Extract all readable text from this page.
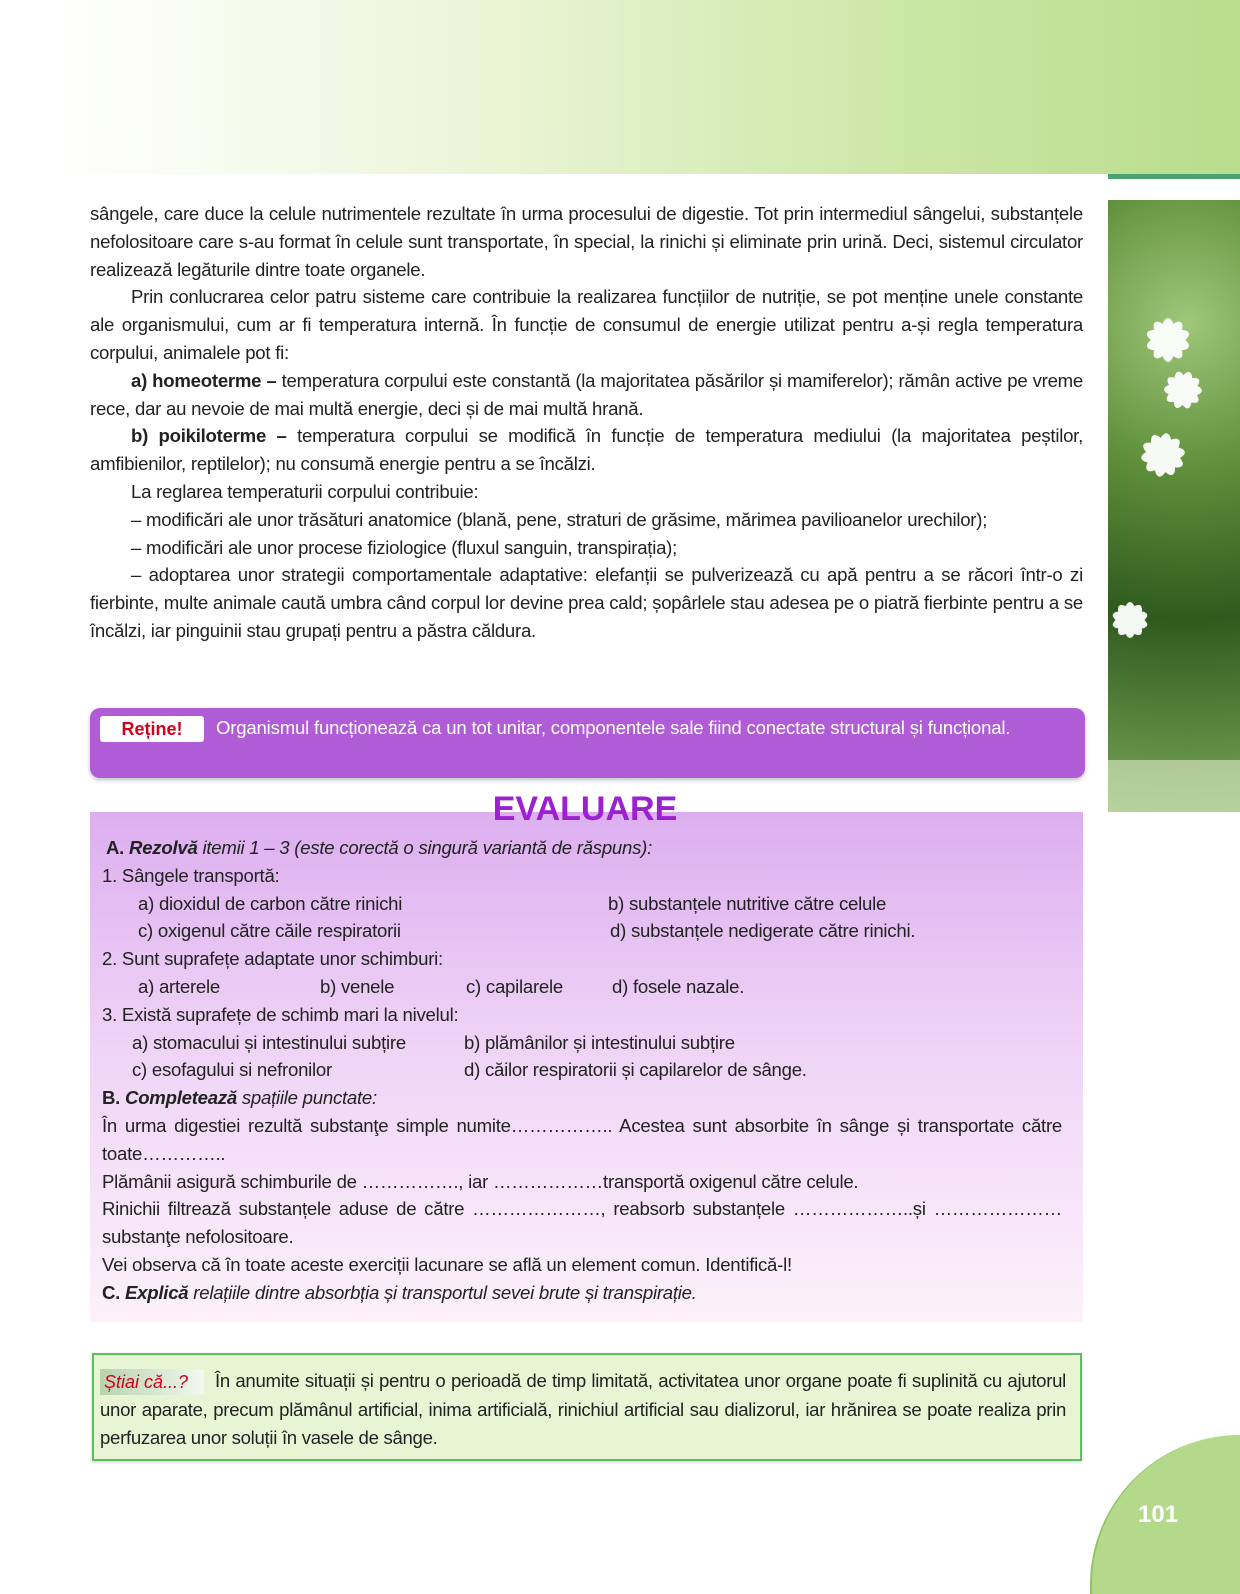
sângele, care duce la celule nutrimentele rezultate în urma procesului de digestie. Tot prin intermediul sângelui, substanțele nefolositoare care s-au format în celule sunt transportate, în special, la rinichi și eliminate prin urină. Deci, sistemul circulator realizează legăturile dintre toate organele.

Prin conlucrarea celor patru sisteme care contribuie la realizarea funcțiilor de nutriție, se pot menține unele constante ale organismului, cum ar fi temperatura internă. În funcție de consumul de energie utilizat pentru a-și regla temperatura corpului, animalele pot fi:

a) homeoterme – temperatura corpului este constantă (la majoritatea păsărilor și mamiferelor); rămân active pe vreme rece, dar au nevoie de mai multă energie, deci și de mai multă hrană.

b) poikiloterme – temperatura corpului se modifică în funcție de temperatura mediului (la majoritatea peștilor, amfibienilor, reptilelor); nu consumă energie pentru a se încălzi.

La reglarea temperaturii corpului contribuie:

– modificări ale unor trăsături anatomice (blană, pene, straturi de grăsime, mărimea pavilioanelor urechilor);

– modificări ale unor procese fiziologice (fluxul sanguin, transpirația);

– adoptarea unor strategii comportamentale adaptative: elefanții se pulverizează cu apă pentru a se răcori într-o zi fierbinte, multe animale caută umbra când corpul lor devine prea cald; șopârlele stau adesea pe o piatră fierbinte pentru a se încălzi, iar pinguinii stau grupați pentru a păstra căldura.

Reține!	Organismul funcționează ca un tot unitar, componentele sale fiind conectate structural și funcțional.
EVALUARE
A. Rezolvă itemii 1 – 3 (este corectă o singură variantă de răspuns):
1. Sângele transportă:
a) dioxidul de carbon către rinichi	b) substanțele nutritive către celule
c) oxigenul către căile respiratorii	d) substanțele nedigerate către rinichi.
2. Sunt suprafețe adaptate unor schimburi:
a) arterele	b) venele	c) capilarele	d) fosele nazale.
3. Există suprafețe de schimb mari la nivelul:
a) stomacului și intestinului subțire	b) plămânilor și intestinului subțire
c) esofagului si nefronilor	d) căilor respiratorii și capilarelor de sânge.
B. Completează spațiile punctate:
În urma digestiei rezultă substanţe simple numite…………….. Acestea sunt absorbite în sânge și transportate către toate…………..
Plămânii asigură schimburile de ……………., iar ………………transportă oxigenul către celule.
Rinichii filtrează substanțele aduse de către …………………, reabsorb substanțele ………………..și ………………… substanţe nefolositoare.
Vei observa că în toate aceste exerciții lacunare se află un element comun. Identifică-l!
C. Explică relațiile dintre absorbția și transportul sevei brute și transpirație.
Știai că...?	În anumite situații și pentru o perioadă de timp limitată, activitatea unor organe poate fi suplinită cu ajutorul unor aparate, precum plămânul artificial, inima artificială, rinichiul artificial sau dializorul, iar hrănirea se poate realiza prin perfuzarea unor soluții în vasele de sânge.
101
